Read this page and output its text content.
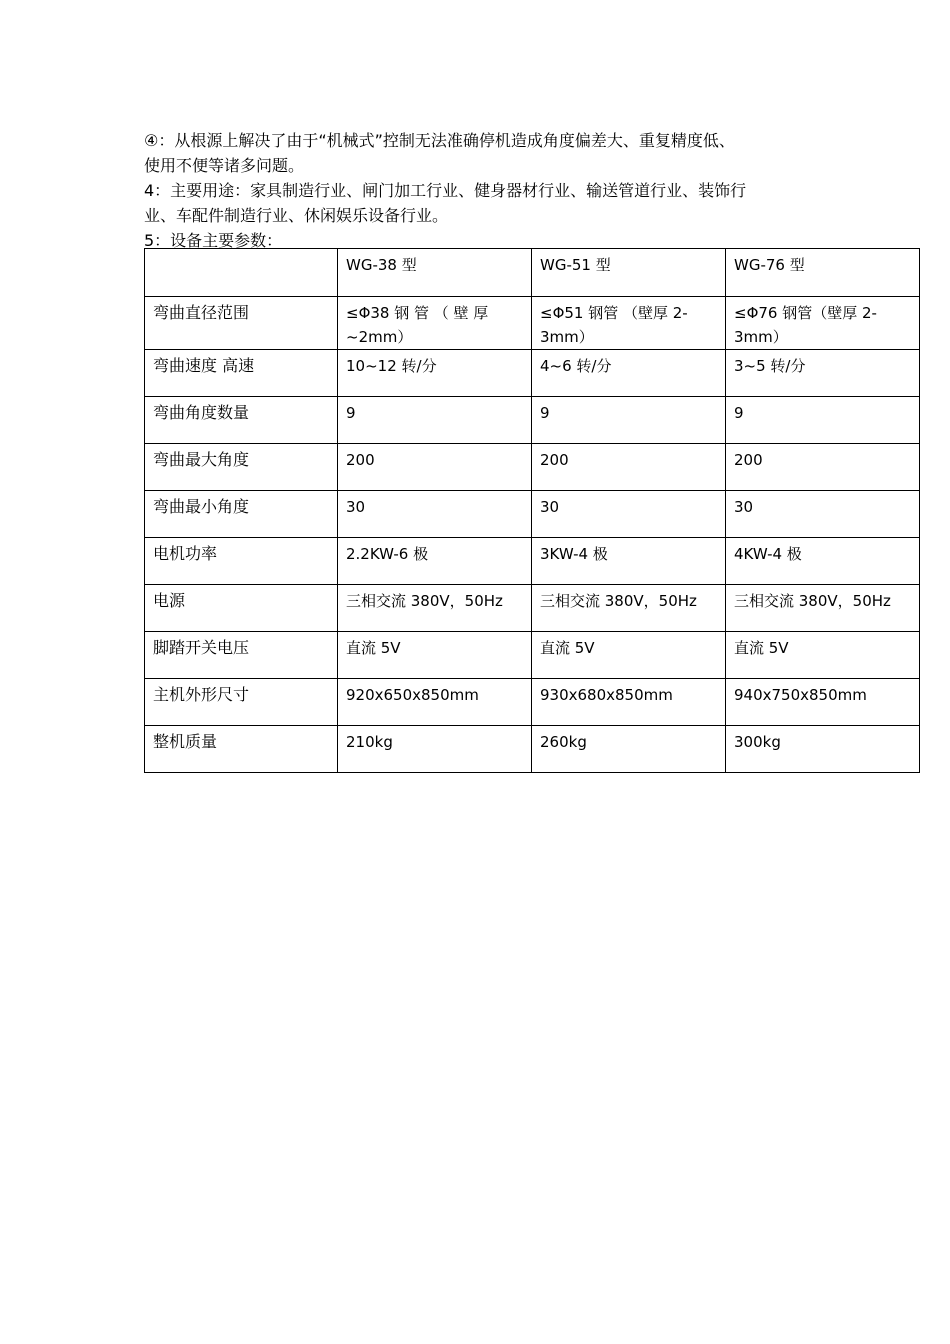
④：从根源上解决了由于“机械式”控制无法准确停机造成角度偏差大、重复精度低、
使用不便等诸多问题。
4：主要用途：家具制造行业、闸门加工行业、健身器材行业、输送管道行业、装饰行
业、车配件制造行业、休闲娱乐设备行业。
5：设备主要参数：
	WG-38 型	WG-51 型	WG-76 型
弯曲直径范围	≤Φ38 钢 管 （ 壁 厚 ~2mm）	≤Φ51 钢管 （壁厚 2-3mm）	≤Φ76 钢管（壁厚 2-3mm）
弯曲速度 高速	10~12 转/分	4~6 转/分	3~5 转/分
弯曲角度数量	9	9	9
弯曲最大角度	200	200	200
弯曲最小角度	30	30	30
电机功率	2.2KW-6 极	3KW-4 极	4KW-4 极
电源	三相交流 380V，50Hz	三相交流 380V，50Hz	三相交流 380V，50Hz
脚踏开关电压	直流 5V	直流 5V	直流 5V
主机外形尺寸	920x650x850mm	930x680x850mm	940x750x850mm
整机质量	210kg	260kg	300kg
